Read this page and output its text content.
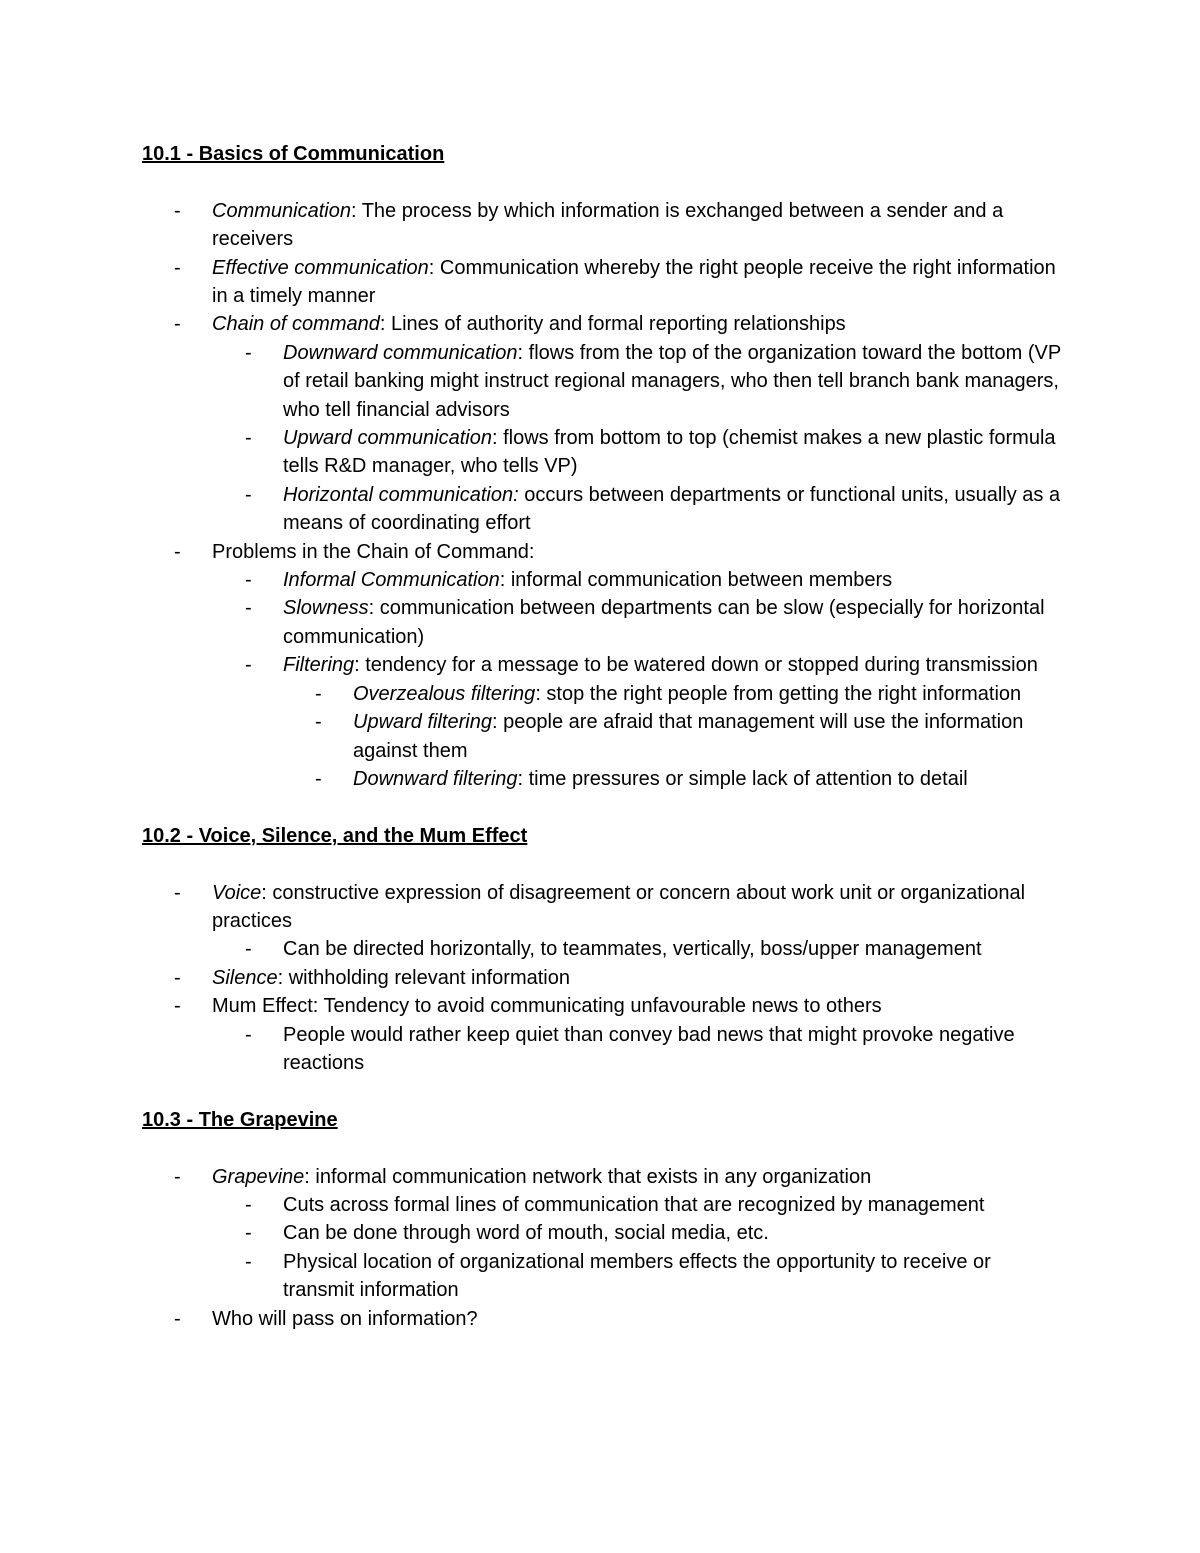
10.1 - Basics of Communication
- Communication: The process by which information is exchanged between a sender and a receivers
- Effective communication: Communication whereby the right people receive the right information in a timely manner
- Chain of command: Lines of authority and formal reporting relationships
- Downward communication: flows from the top of the organization toward the bottom (VP of retail banking might instruct regional managers, who then tell branch bank managers, who tell financial advisors
- Upward communication: flows from bottom to top (chemist makes a new plastic formula tells R&D manager, who tells VP)
- Horizontal communication: occurs between departments or functional units, usually as a means of coordinating effort
- Problems in the Chain of Command:
- Informal Communication: informal communication between members
- Slowness: communication between departments can be slow (especially for horizontal communication)
- Filtering: tendency for a message to be watered down or stopped during transmission
- Overzealous filtering: stop the right people from getting the right information
- Upward filtering: people are afraid that management will use the information against them
- Downward filtering: time pressures or simple lack of attention to detail
10.2 - Voice, Silence, and the Mum Effect
- Voice: constructive expression of disagreement or concern about work unit or organizational practices
- Can be directed horizontally, to teammates, vertically, boss/upper management
- Silence: withholding relevant information
- Mum Effect: Tendency to avoid communicating unfavourable news to others
- People would rather keep quiet than convey bad news that might provoke negative reactions
10.3 - The Grapevine
- Grapevine: informal communication network that exists in any organization
- Cuts across formal lines of communication that are recognized by management
- Can be done through word of mouth, social media, etc.
- Physical location of organizational members effects the opportunity to receive or transmit information
- Who will pass on information?
